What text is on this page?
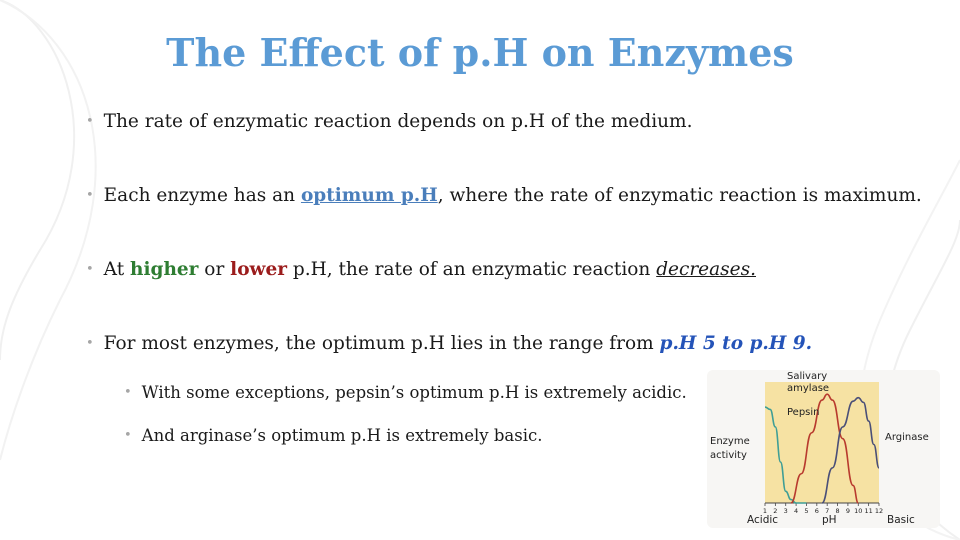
The Effect of p.H on Enzymes
• The rate of enzymatic reaction depends on p.H of the medium.
• Each enzyme has an optimum p.H, where the rate of enzymatic reaction is maximum.
• At higher or lower p.H, the rate of an enzymatic reaction decreases.
• For most enzymes, the optimum p.H lies in the range from p.H 5 to p.H 9.
• With some exceptions, pepsin’s optimum p.H is extremely acidic.
• And arginase’s optimum p.H is extremely basic.
1 2 3 4 5 6 7 8 9 10 11 12
Salivary
amylase
Pepsin
Arginase
Enzyme
activity
Acidic	pH	Basic
